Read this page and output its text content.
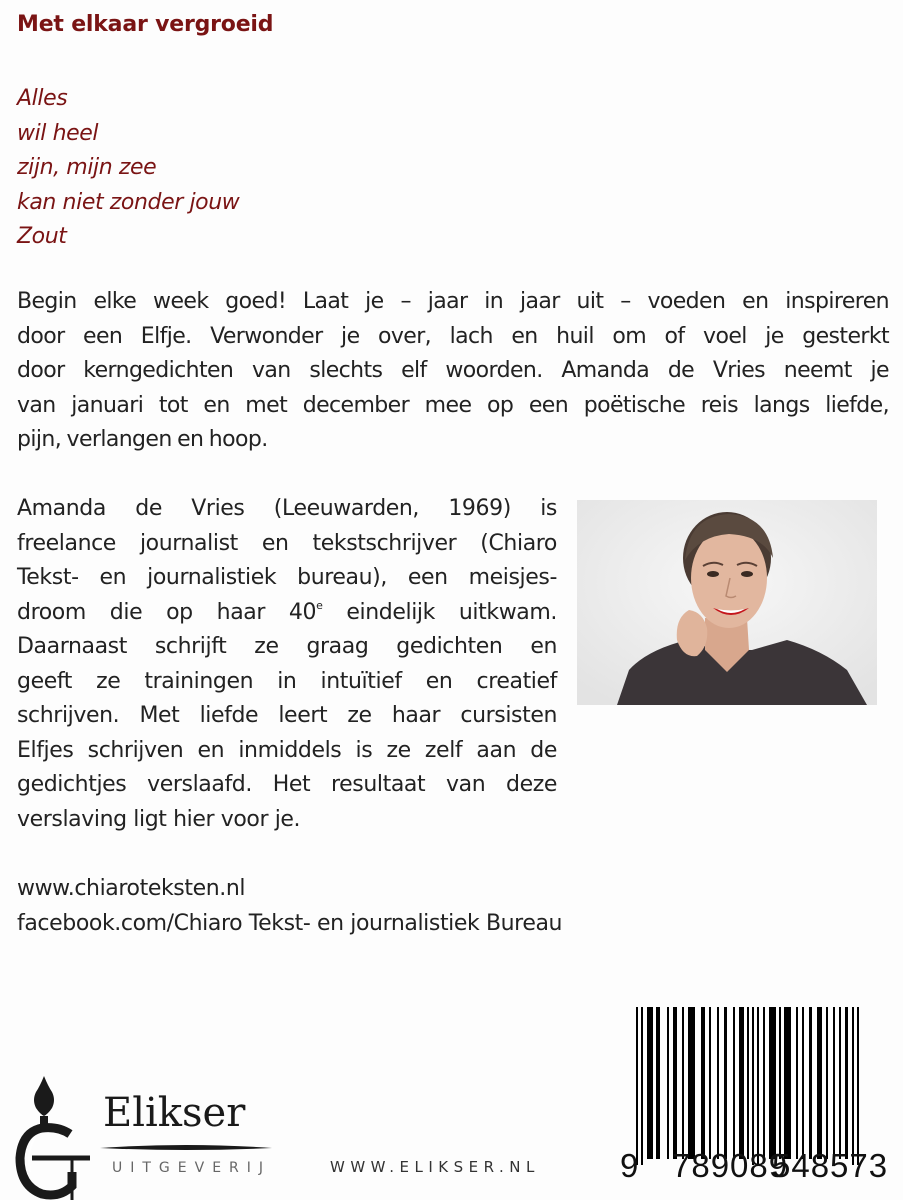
Met elkaar vergroeid
Alles
wil heel
zijn, mijn zee
kan niet zonder jouw
Zout
Begin elke week goed! Laat je – jaar in jaar uit – voeden en inspireren
door een Elfje. Verwonder je over, lach en huil om of voel je gesterkt
door kerngedichten van slechts elf woorden. Amanda de Vries neemt je
van januari tot en met december mee op een poëtische reis langs liefde,
pijn, verlangen en hoop.
Amanda de Vries (Leeuwarden, 1969) is
freelance journalist en tekstschrijver (Chiaro
Tekst- en journalistiek bureau), een meisjes-
droom die op haar 40e eindelijk uitkwam.
Daarnaast schrijft ze graag gedichten en
geeft ze trainingen in intuïtief en creatief
schrijven. Met liefde leert ze haar cursisten
Elfjes schrijven en inmiddels is ze zelf aan de
gedichtjes verslaafd. Het resultaat van deze
verslaving ligt hier voor je.
www.chiaroteksten.nl
facebook.com/Chiaro Tekst- en journalistiek Bureau
Elikser
UITGEVERIJ	WWW.ELIKSER.NL 9 789089
548573
